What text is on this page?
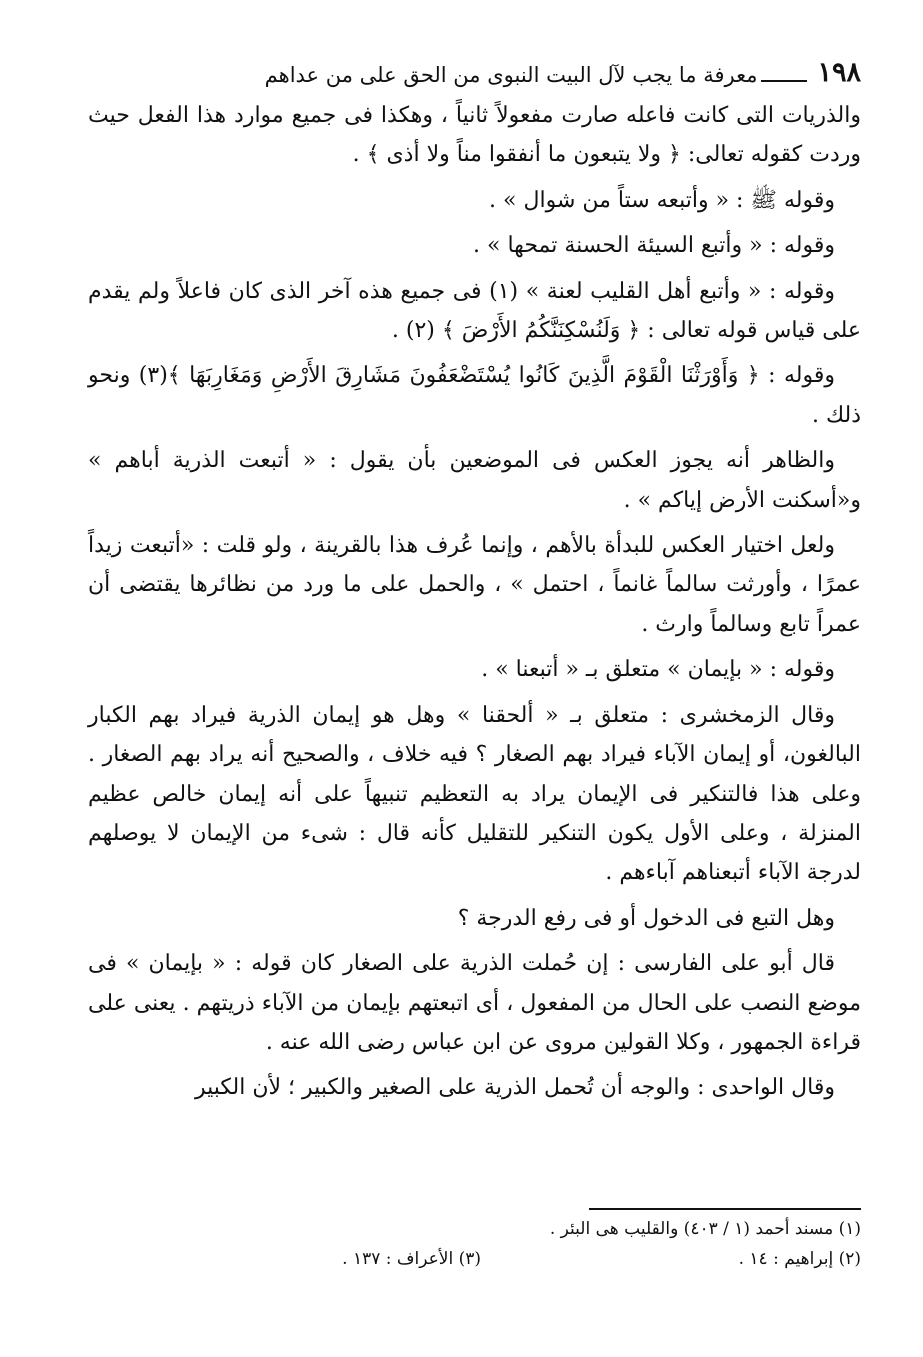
١٩٨
معرفة ما يجب لآل البيت النبوى من الحق على من عداهم

والذريات التى كانت فاعله صارت مفعولاً ثانياً ، وهكذا فى جميع موارد هذا الفعل حيث وردت كقوله تعالى: ﴿ ولا يتبعون ما أنفقوا مناً ولا أذى ﴾ .

وقوله ﷺ : « وأتبعه ستاً من شوال » .

وقوله : « وأتبع السيئة الحسنة تمحها » .

وقوله : « وأتبع أهل القليب لعنة » (١) فى جميع هذه آخر الذى كان فاعلاً ولم يقدم على قياس قوله تعالى : ﴿ وَلَنُسْكِنَنَّكُمُ الأَرْضَ ﴾ (٢) .

وقوله : ﴿ وَأَوْرَثْنَا الْقَوْمَ الَّذِينَ كَانُوا يُسْتَضْعَفُونَ مَشَارِقَ الأَرْضِ وَمَغَارِبَهَا ﴾(٣) ونحو ذلك .

والظاهر أنه يجوز العكس فى الموضعين بأن يقول : « أتبعت الذرية أباهم » و«أسكنت الأرض إياكم » .

ولعل اختيار العكس للبدأة بالأهم ، وإنما عُرف هذا بالقرينة ، ولو قلت : «أتبعت زيداً عمرًا ، وأورثت سالماً غانماً ، احتمل » ، والحمل على ما ورد من نظائرها يقتضى أن عمراً تابع وسالماً وارث .

وقوله : « بإيمان » متعلق بـ « أتبعنا » .

وقال الزمخشرى : متعلق بـ « ألحقنا » وهل هو إيمان الذرية فيراد بهم الكبار البالغون، أو إيمان الآباء فيراد بهم الصغار ؟ فيه خلاف ، والصحيح أنه يراد بهم الصغار . وعلى هذا فالتنكير فى الإيمان يراد به التعظيم تنبيهاً على أنه إيمان خالص عظيم المنزلة ، وعلى الأول يكون التنكير للتقليل كأنه قال : شىء من الإيمان لا يوصلهم لدرجة الآباء أتبعناهم آباءهم .

وهل التبع فى الدخول أو فى رفع الدرجة ؟

قال أبو على الفارسى : إن حُملت الذرية على الصغار كان قوله : « بإيمان » فى موضع النصب على الحال من المفعول ، أى اتبعتهم بإيمان من الآباء ذريتهم . يعنى على قراءة الجمهور ، وكلا القولين مروى عن ابن عباس رضى الله عنه .

وقال الواحدى : والوجه أن تُحمل الذرية على الصغير والكبير ؛ لأن الكبير

(١) مسند أحمد (١ / ٤٠٣) والقليب هى البئر .
(٢) إبراهيم : ١٤ .
(٣) الأعراف : ١٣٧ .
